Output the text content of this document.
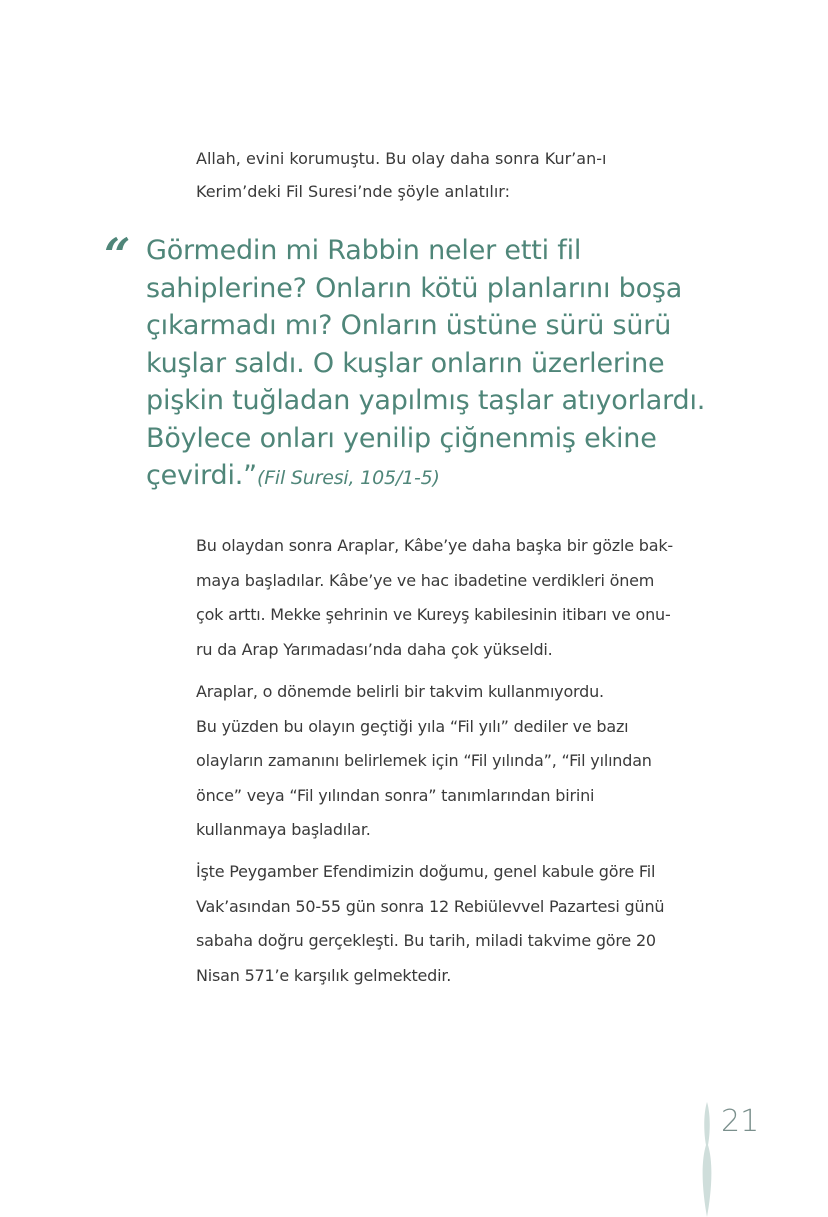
Allah, evini korumuştu. Bu olay daha sonra Kur’an-ı
Kerim’deki Fil Suresi’nde şöyle anlatılır:
“ Görmedin mi Rabbin neler etti fil
sahiplerine? Onların kötü planlarını boşa
çıkarmadı mı? Onların üstüne sürü sürü
kuşlar saldı. O kuşlar onların üzerlerine
pişkin tuğladan yapılmış taşlar atıyorlardı.
Böylece onları yenilip çiğnenmiş ekine
çevirdi.”(Fil Suresi, 105/1-5)
Bu olaydan sonra Araplar, Kâbe’ye daha başka bir gözle bak-
maya başladılar. Kâbe’ye ve hac ibadetine verdikleri önem
çok arttı. Mekke şehrinin ve Kureyş kabilesinin itibarı ve onu-
ru da Arap Yarımadası’nda daha çok yükseldi.
Araplar, o dönemde belirli bir takvim kullanmıyordu.
Bu yüzden bu olayın geçtiği yıla “Fil yılı” dediler ve bazı
olayların zamanını belirlemek için “Fil yılında”, “Fil yılından
önce” veya “Fil yılından sonra” tanımlarından birini
kullanmaya başladılar.
İşte Peygamber Efendimizin doğumu, genel kabule göre Fil
Vak’asından 50-55 gün sonra 12 Rebiülevvel Pazartesi günü
sabaha doğru gerçekleşti. Bu tarih, miladi takvime göre 20
Nisan 571’e karşılık gelmektedir.
21
